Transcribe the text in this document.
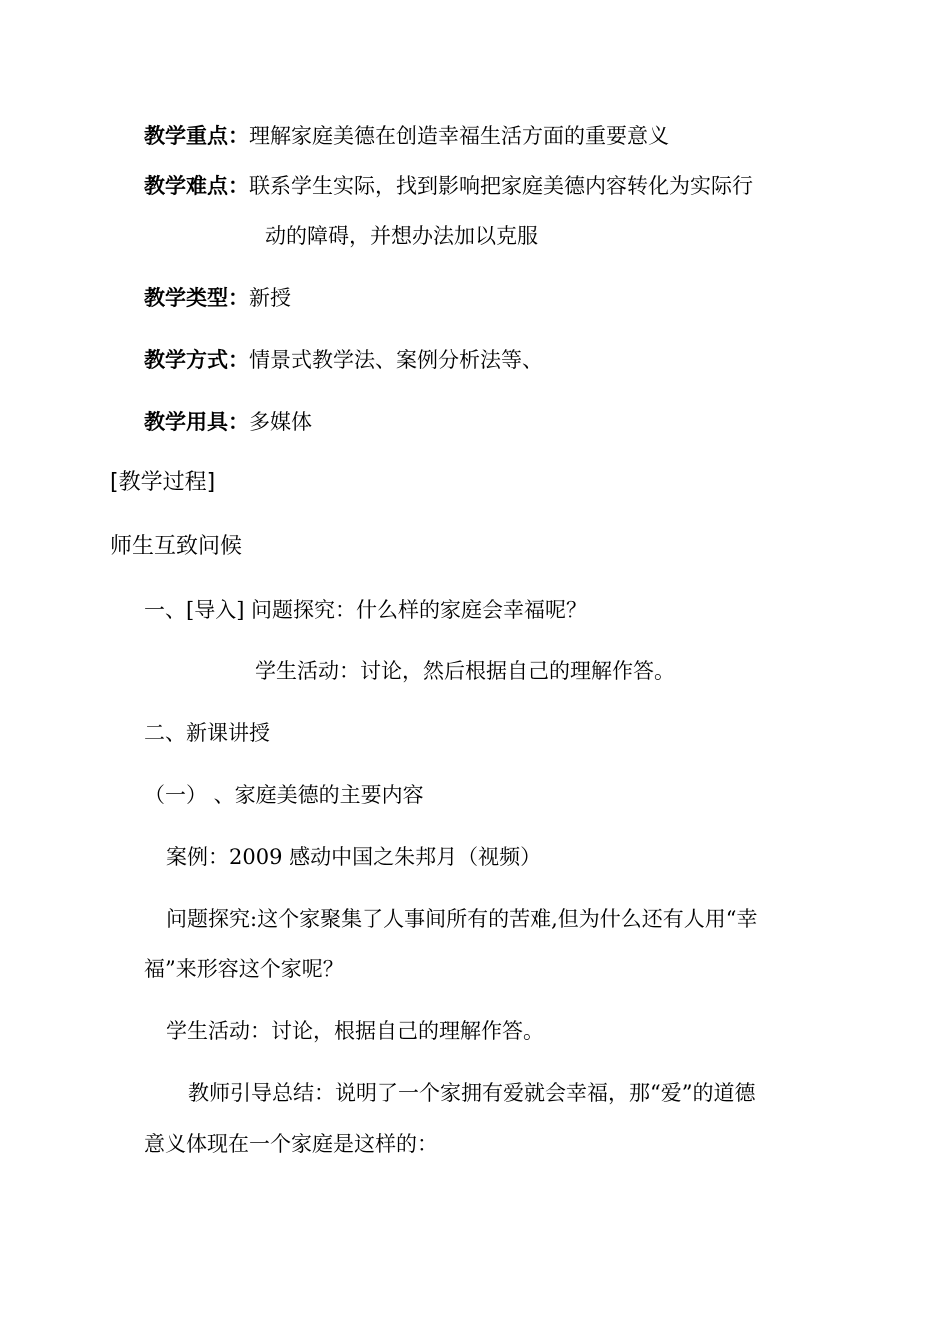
教学重点：理解家庭美德在创造幸福生活方面的重要意义
教学难点：联系学生实际，找到影响把家庭美德内容转化为实际行
动的障碍，并想办法加以克服
教学类型：新授
教学方式：情景式教学法、案例分析法等、
教学用具：多媒体
[教学过程]
师生互致问候
一、[导入] 问题探究：什么样的家庭会幸福呢？
学生活动：讨论，然后根据自己的理解作答。
二、新课讲授
（一） 、家庭美德的主要内容
案例：2009 感动中国之朱邦月（视频）
问题探究:这个家聚集了人事间所有的苦难,但为什么还有人用“幸
福”来形容这个家呢？
学生活动：讨论，根据自己的理解作答。
教师引导总结：说明了一个家拥有爱就会幸福，那“爱”的道德
意义体现在一个家庭是这样的：
